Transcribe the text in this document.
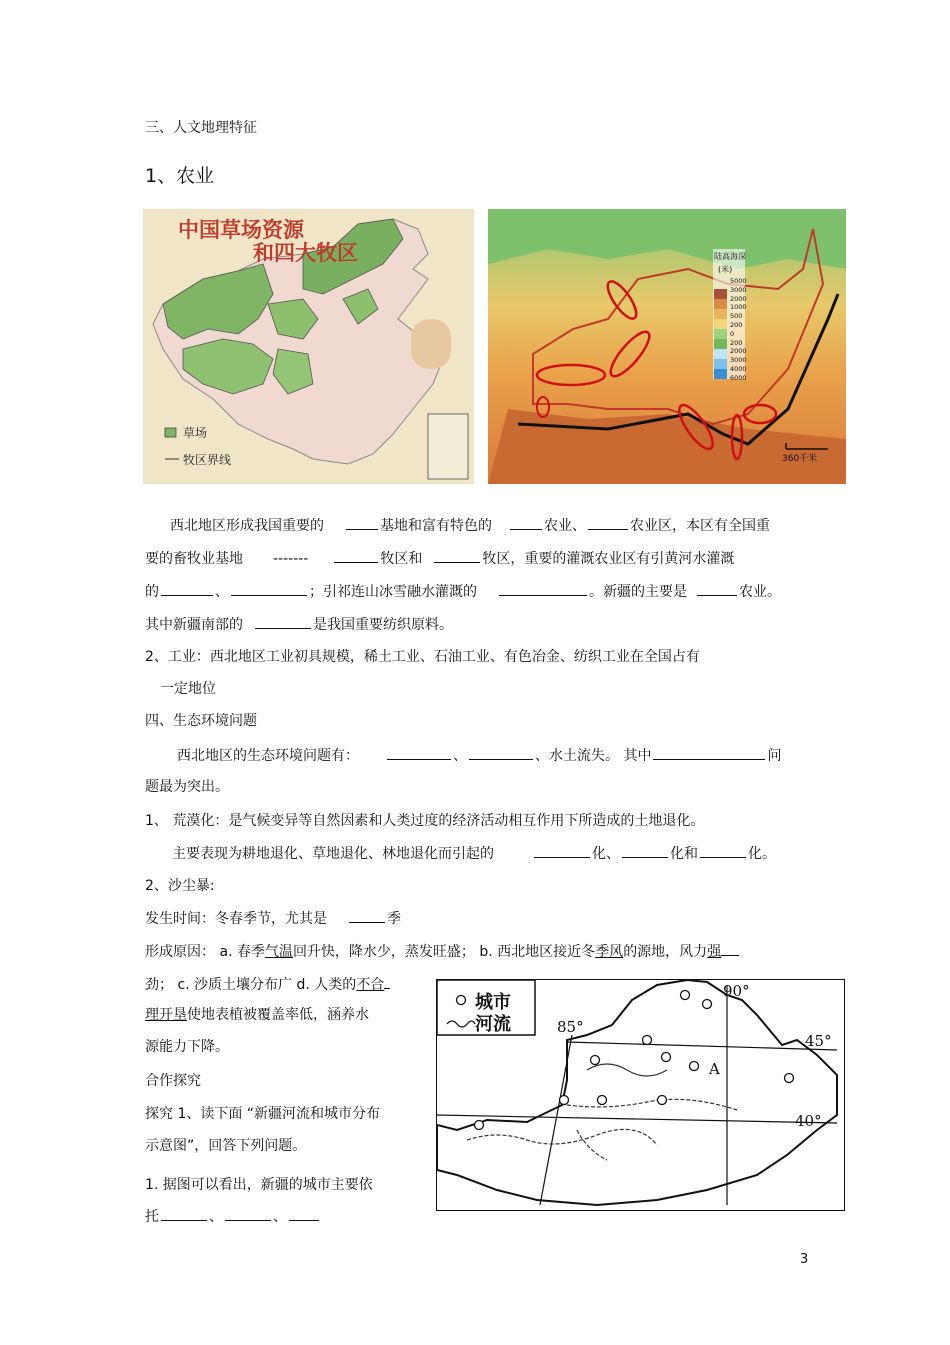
三、人文地理特征
1、农业
中国草场资源
和四大牧区
草场
牧区界线
陆高海深
(米)
5000
3000
2000
1000
500
200
0
200
2000
3000
4000
6000
360千米
西北地区形成我国重要的	基地和富有特色的	农业、	农业区，本区有全国重
要的畜牧业基地 -------	牧区和	牧区，重要的灌溉农业区有引黄河水灌溉
的	、	；引祁连山冰雪融水灌溉的	。新疆的主要是	农业。
其中新疆南部的	是我国重要纺织原料。
2、工业：西北地区工业初具规模，稀土工业、石油工业、有色冶金、纺织工业在全国占有
一定地位
四、生态环境问题
西北地区的生态环境问题有：	、	、水土流失。 其中	问
题最为突出。
1、 荒漠化：是气候变异等自然因素和人类过度的经济活动相互作用下所造成的土地退化。
主要表现为耕地退化、草地退化、林地退化而引起的	化、	化和	化。
2、沙尘暴:
发生时间：冬春季节，尤其是	季
形成原因： a. 春季气温回升快，降水少，蒸发旺盛； b. 西北地区接近冬季风的源地，风力强
劲； c. 沙质土壤分布广 d. 人类的不合
理开垦使地表植被覆盖率低，涵养水
源能力下降。
合作探究
探究 1、读下面 “新疆河流和城市分布
示意图”，回答下列问题。
1. 据图可以看出，新疆的城市主要依
托	、	、
城市
河流	85°
90°
45°
40°
A
3
